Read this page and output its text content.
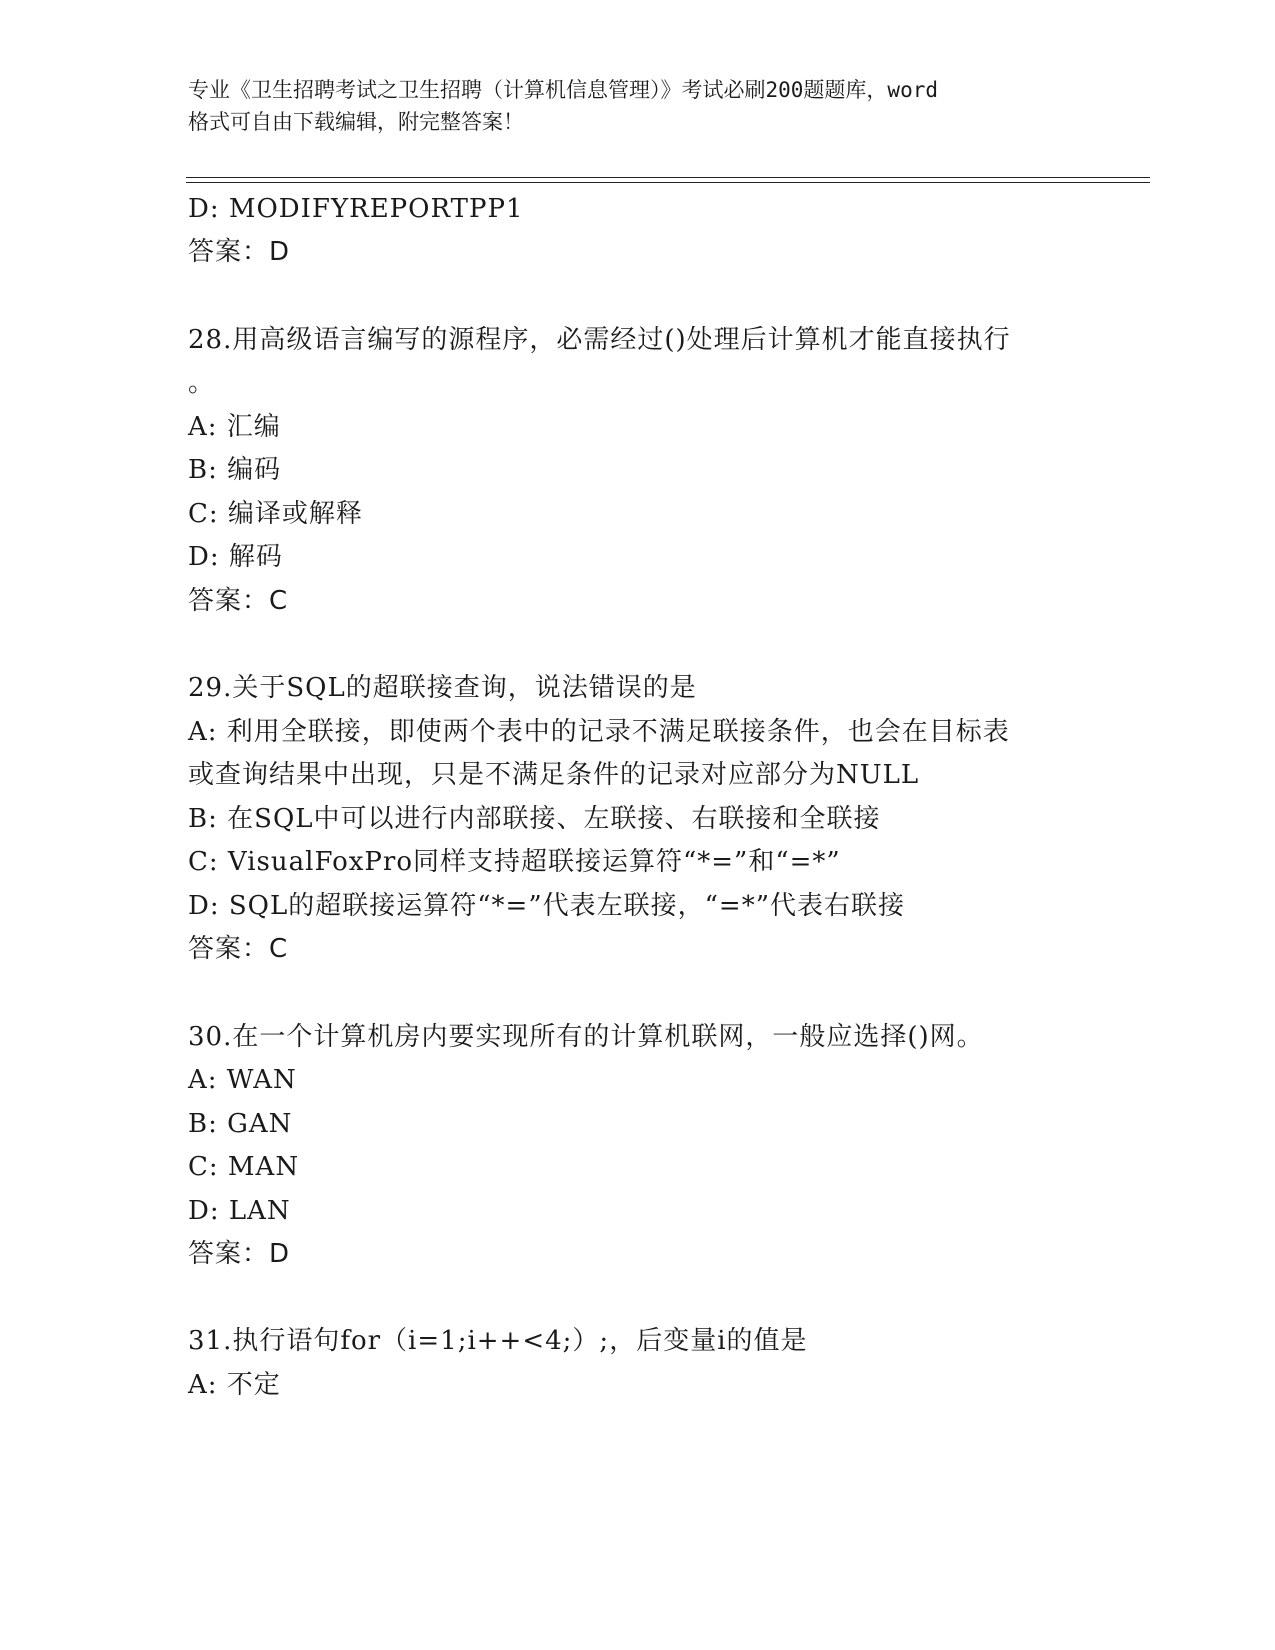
专业《卫生招聘考试之卫生招聘（计算机信息管理）》考试必刷200题题库，word
格式可自由下载编辑，附完整答案！
D: MODIFYREPORTPP1
答案：D
28.用高级语言编写的源程序，必需经过()处理后计算机才能直接执行
。
A: 汇编
B: 编码
C: 编译或解释
D: 解码
答案：C
29.关于SQL的超联接查询，说法错误的是
A: 利用全联接，即使两个表中的记录不满足联接条件，也会在目标表
或查询结果中出现，只是不满足条件的记录对应部分为NULL
B: 在SQL中可以进行内部联接、左联接、右联接和全联接
C: VisualFoxPro同样支持超联接运算符“*=”和“=*”
D: SQL的超联接运算符“*=”代表左联接，“=*”代表右联接
答案：C
30.在一个计算机房内要实现所有的计算机联网，一般应选择()网。
A: WAN
B: GAN
C: MAN
D: LAN
答案：D
31.执行语句for（i=1;i++<4;）;，后变量i的值是
A: 不定
